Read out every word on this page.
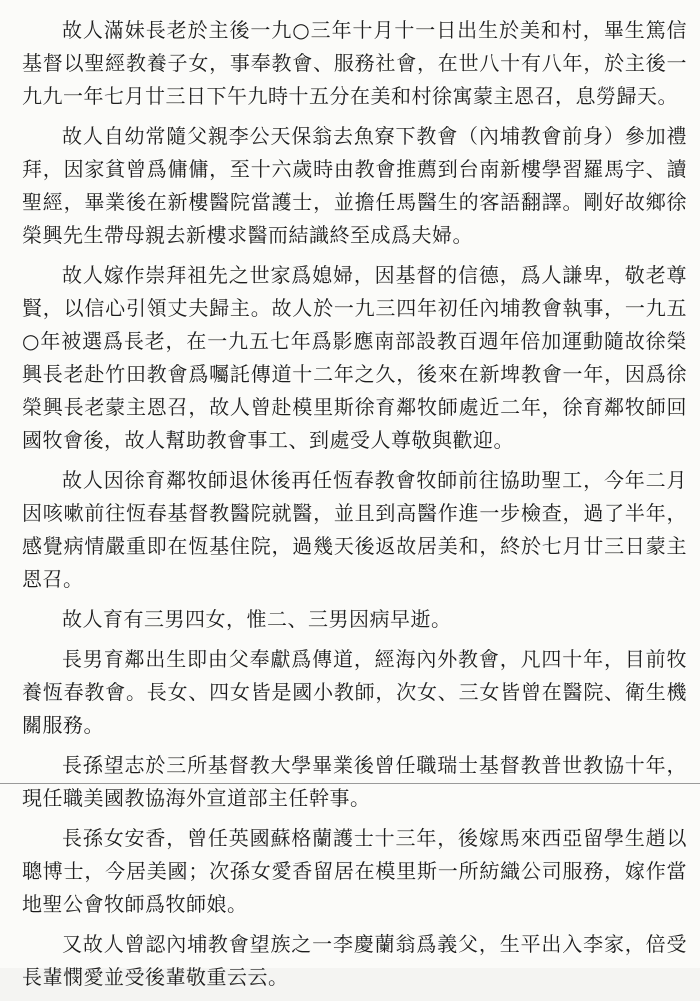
故人滿妹長老於主後一九○三年十月十一日出生於美和村，畢生篤信基督以聖經教養子女，事奉教會、服務社會，在世八十有八年，於主後一九九一年七月廿三日下午九時十五分在美和村徐寓蒙主恩召，息勞歸天。

故人自幼常隨父親李公天保翁去魚寮下教會（內埔教會前身）參加禮拜，因家貧曾爲傭傭，至十六歲時由教會推薦到台南新樓學習羅馬字、讀聖經，畢業後在新樓醫院當護士，並擔任馬醫生的客語翻譯。剛好故鄉徐榮興先生帶母親去新樓求醫而結識終至成爲夫婦。

故人嫁作崇拜祖先之世家爲媳婦，因基督的信德，爲人謙卑，敬老尊賢，以信心引領丈夫歸主。故人於一九三四年初任內埔教會執事，一九五○年被選爲長老，在一九五七年爲影應南部設教百週年倍加運動隨故徐榮興長老赴竹田教會爲囑託傳道十二年之久，後來在新埤教會一年，因爲徐榮興長老蒙主恩召，故人曾赴模里斯徐育鄰牧師處近二年，徐育鄰牧師回國牧會後，故人幫助教會事工、到處受人尊敬與歡迎。

故人因徐育鄰牧師退休後再任恆春教會牧師前往協助聖工，今年二月因咳嗽前往恆春基督教醫院就醫，並且到高醫作進一步檢查，過了半年，感覺病情嚴重即在恆基住院，過幾天後返故居美和，終於七月廿三日蒙主恩召。

故人育有三男四女，惟二、三男因病早逝。

長男育鄰出生即由父奉獻爲傳道，經海內外教會，凡四十年，目前牧養恆春教會。長女、四女皆是國小教師，次女、三女皆曾在醫院、衛生機關服務。

長孫望志於三所基督教大學畢業後曾任職瑞士基督教普世教協十年，現任職美國教協海外宣道部主任幹事。

長孫女安香，曾任英國蘇格蘭護士十三年，後嫁馬來西亞留學生趙以聰博士，今居美國；次孫女愛香留居在模里斯一所紡織公司服務，嫁作當地聖公會牧師爲牧師娘。

又故人曾認內埔教會望族之一李慶蘭翁爲義父，生平出入李家，倍受長輩憫愛並受後輩敬重云云。
